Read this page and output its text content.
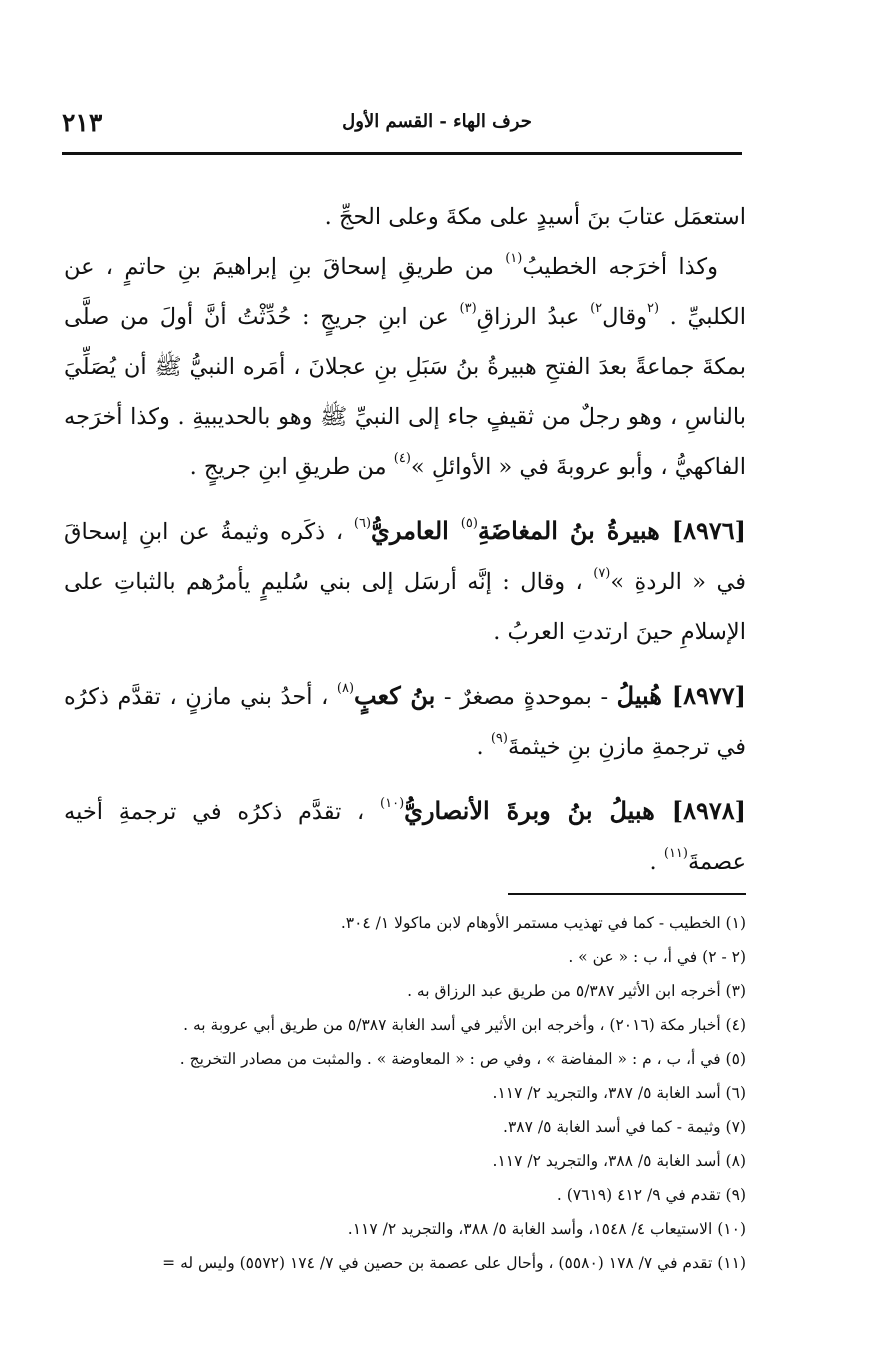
٢١٣	حرف الهاء - القسم الأول

استعمَل عتابَ بنَ أسيدٍ على مكةَ وعلى الحجِّ .

وكذا أخرَجه الخطيبُ$^{(١)}$ من طريقِ إسحاقَ بنِ إبراهيمَ بنِ حاتمٍ ، عن الكلبيِّ . $^{(٢}$وقال$^{٢)}$ عبدُ الرزاقِ$^{(٣)}$ عن ابنِ جريجٍ : حُدِّثْتُ أنَّ أولَ من صلَّى بمكةَ جماعةً بعدَ الفتحِ هبيرةُ بنُ سَبَلِ بنِ عجلانَ ، أمَره النبيُّ ﷺ أن يُصَلِّيَ بالناسِ ، وهو رجلٌ من ثقيفٍ جاء إلى النبيِّ ﷺ وهو بالحديبيةِ . وكذا أخرَجه الفاكهيُّ ، وأبو عروبةَ في « الأوائلِ »$^{(٤)}$ من طريقِ ابنِ جريجٍ .

[٨٩٧٦] هبيرةُ بنُ المغاضَةِ$^{(٥)}$ العامريُّ$^{(٦)}$ ، ذكَره وثيمةُ عن ابنِ إسحاقَ في « الردةِ »$^{(٧)}$ ، وقال : إنَّه أرسَل إلى بني سُليمٍ يأمرُهم بالثباتِ على الإسلامِ حينَ ارتدتِ العربُ .

[٨٩٧٧] هُبيلُ - بموحدةٍ مصغرٌ - بنُ كعبٍ$^{(٨)}$ ، أحدُ بني مازنٍ ، تقدَّم ذكرُه في ترجمةِ مازنِ بنِ خيثمةَ$^{(٩)}$ .

[٨٩٧٨] هبيلُ بنُ وبرةَ الأنصاريُّ$^{(١٠)}$ ، تقدَّم ذكرُه في ترجمةِ أخيه عصمةَ$^{(١١)}$ .

(١) الخطيب - كما في تهذيب مستمر الأوهام لابن ماكولا ١/ ٣٠٤.
(٢ - ٢) في أ، ب : « عن » .
(٣) أخرجه ابن الأثير ٥/٣٨٧ من طريق عبد الرزاق به .
(٤) أخبار مكة (٢٠١٦) ، وأخرجه ابن الأثير في أسد الغابة ٥/٣٨٧ من طريق أبي عروبة به .
(٥) في أ، ب ، م : « المفاضة » ، وفي ص : « المعاوضة » . والمثبت من مصادر التخريج .
(٦) أسد الغابة ٥/ ٣٨٧، والتجريد ٢/ ١١٧.
(٧) وثيمة - كما في أسد الغابة ٥/ ٣٨٧.
(٨) أسد الغابة ٥/ ٣٨٨، والتجريد ٢/ ١١٧.
(٩) تقدم في ٩/ ٤١٢ (٧٦١٩) .
(١٠) الاستيعاب ٤/ ١٥٤٨، وأسد الغابة ٥/ ٣٨٨، والتجريد ٢/ ١١٧.
(١١) تقدم في ٧/ ١٧٨ (٥٥٨٠) ، وأحال على عصمة بن حصين في ٧/ ١٧٤ (٥٥٧٢) وليس له =
